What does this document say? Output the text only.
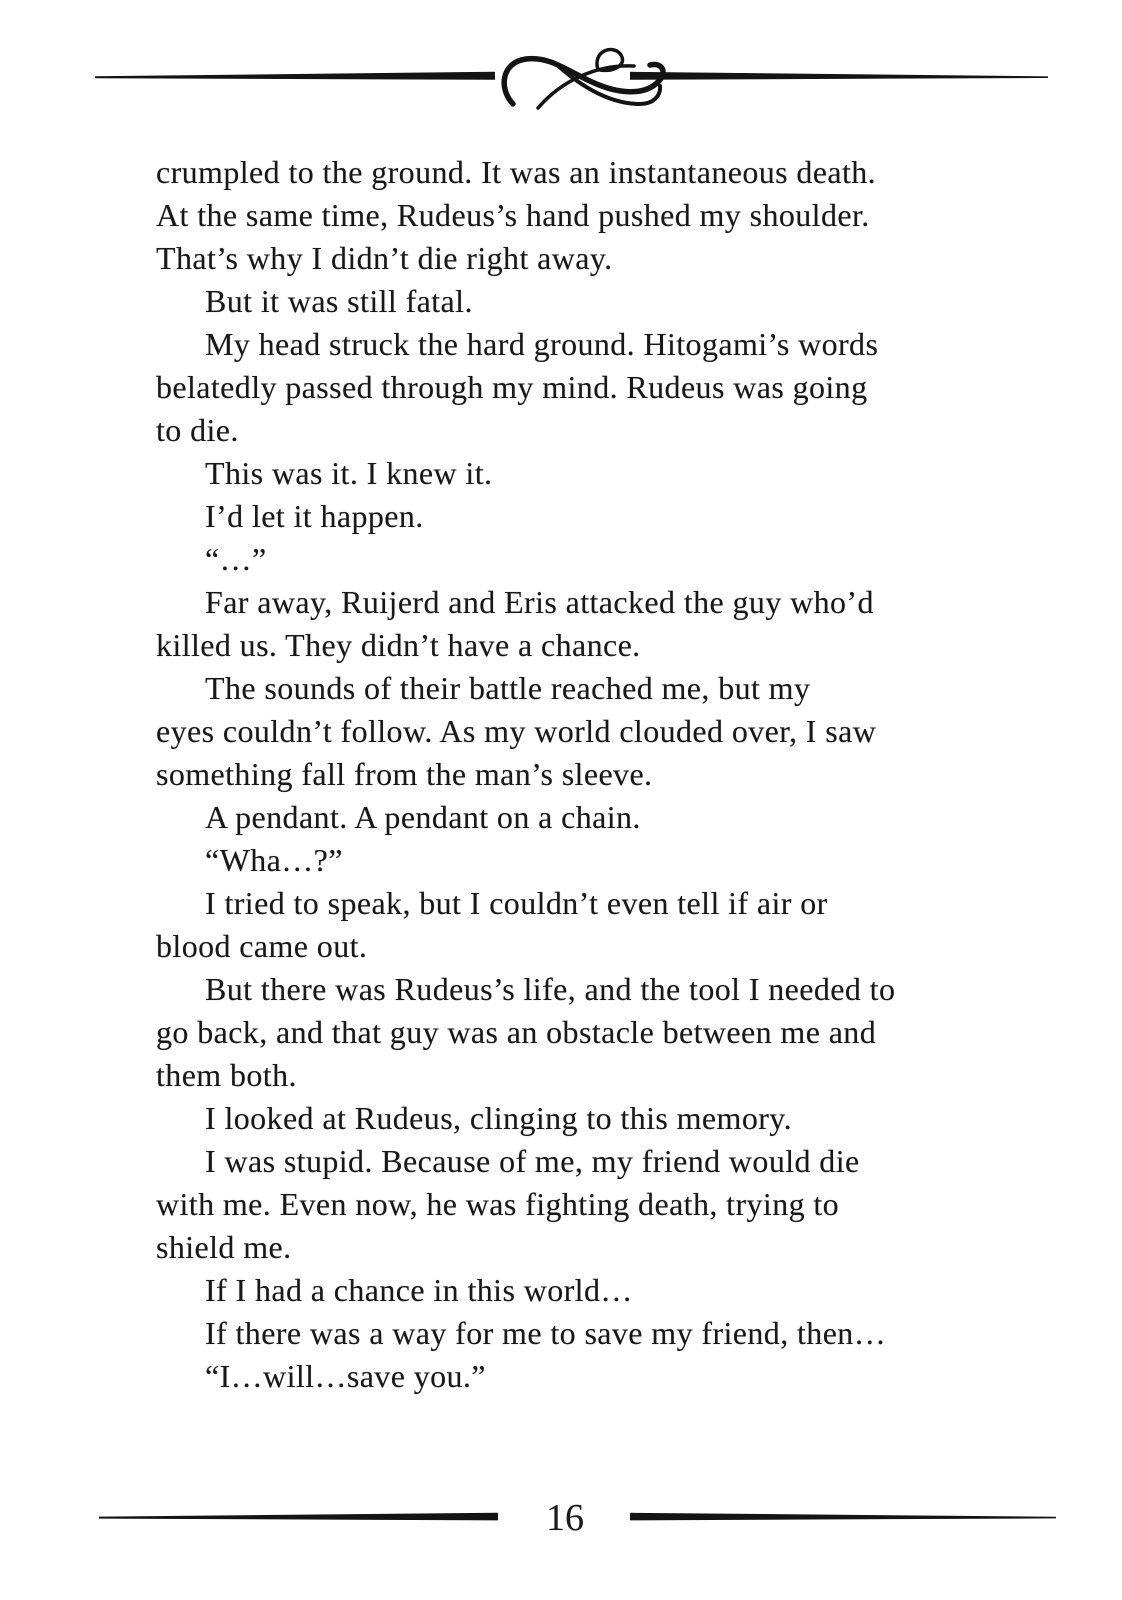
crumpled to the ground. It was an instantaneous death.
At the same time, Rudeus’s hand pushed my shoulder.
That’s why I didn’t die right away.
But it was still fatal.
My head struck the hard ground. Hitogami’s words
belatedly passed through my mind. Rudeus was going
to die.
This was it. I knew it.
I’d let it happen.
“…”
Far away, Ruijerd and Eris attacked the guy who’d
killed us. They didn’t have a chance.
The sounds of their battle reached me, but my
eyes couldn’t follow. As my world clouded over, I saw
something fall from the man’s sleeve.
A pendant. A pendant on a chain.
“Wha…?”
I tried to speak, but I couldn’t even tell if air or
blood came out.
But there was Rudeus’s life, and the tool I needed to
go back, and that guy was an obstacle between me and
them both.
I looked at Rudeus, clinging to this memory.
I was stupid. Because of me, my friend would die
with me. Even now, he was fighting death, trying to
shield me.
If I had a chance in this world…
If there was a way for me to save my friend, then…
“I…will…save you.”
16
